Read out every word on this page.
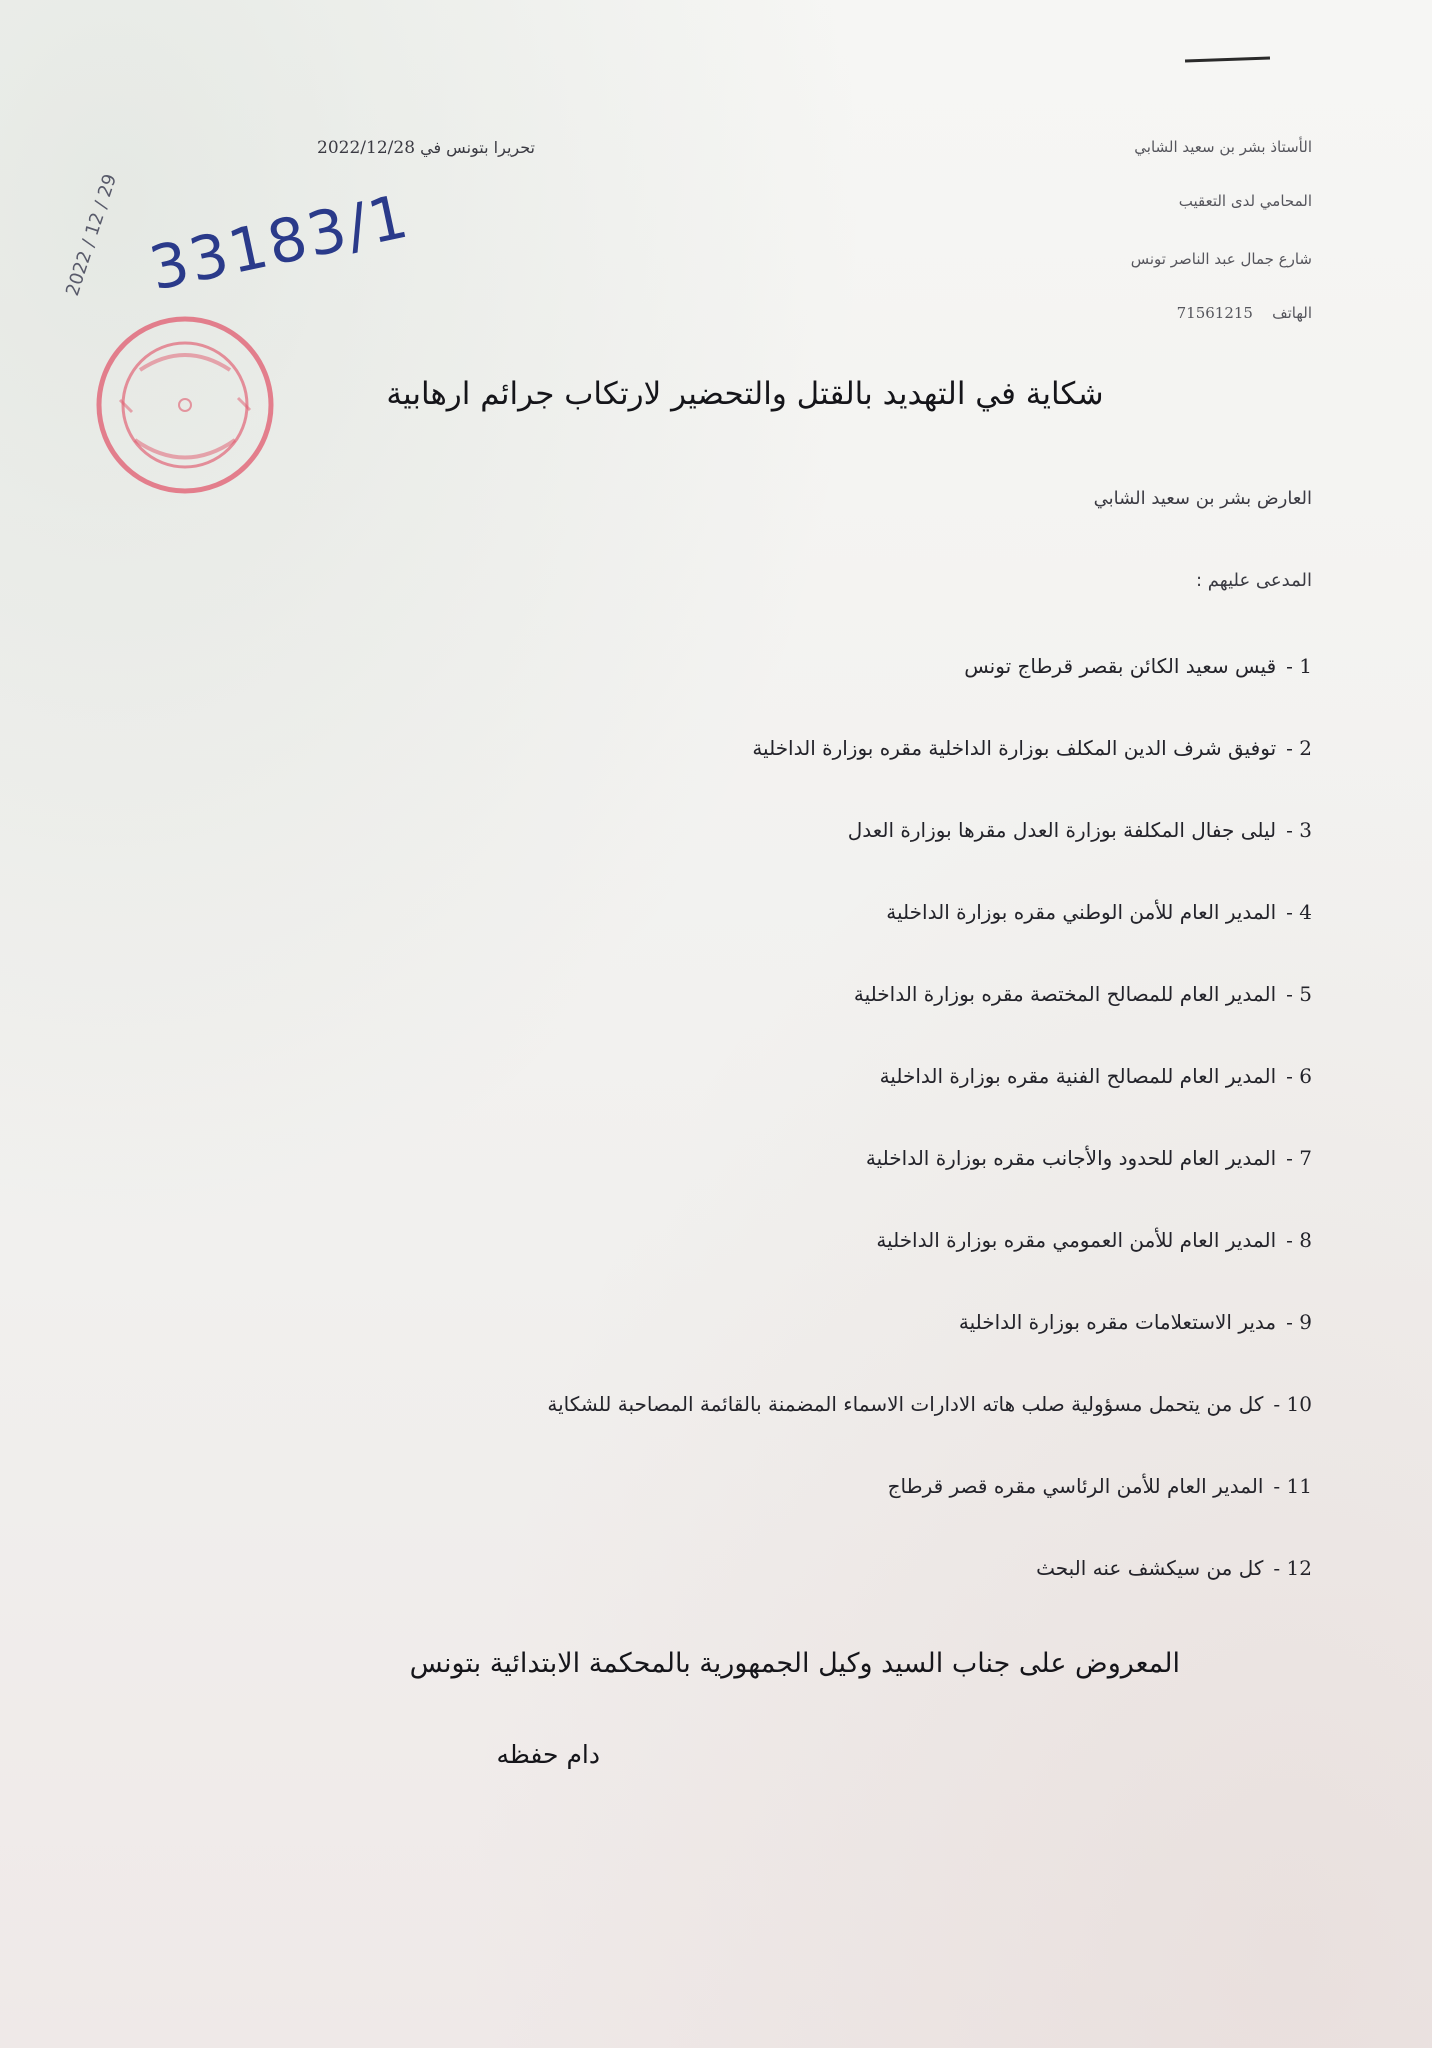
الأستاذ بشر بن سعيد الشابي
المحامي لدى التعقيب
شارع جمال عبد الناصر تونس
الهاتف    71561215
تحريرا بتونس في 2022/12/28
2022 / 12 / 29 33183/1
شكاية في التهديد بالقتل والتحضير لارتكاب جرائم ارهابية
العارض بشر بن سعيد الشابي
المدعى عليهم :
1 -قيس سعيد الكائن بقصر قرطاج تونس
2 -توفيق شرف الدين المكلف بوزارة الداخلية مقره بوزارة الداخلية
3 -ليلى جفال المكلفة بوزارة العدل مقرها بوزارة العدل
4 -المدير العام للأمن الوطني مقره بوزارة الداخلية
5 -المدير العام للمصالح المختصة مقره بوزارة الداخلية
6 -المدير العام للمصالح الفنية مقره بوزارة الداخلية
7 -المدير العام للحدود والأجانب مقره بوزارة الداخلية
8 -المدير العام للأمن العمومي مقره بوزارة الداخلية
9 -مدير الاستعلامات مقره بوزارة الداخلية
10 -كل من يتحمل مسؤولية صلب هاته الادارات الاسماء المضمنة بالقائمة المصاحبة للشكاية
11 -المدير العام للأمن الرئاسي مقره قصر قرطاج
12 -كل من سيكشف عنه البحث
المعروض على جناب السيد وكيل الجمهورية بالمحكمة الابتدائية بتونس
دام حفظه
